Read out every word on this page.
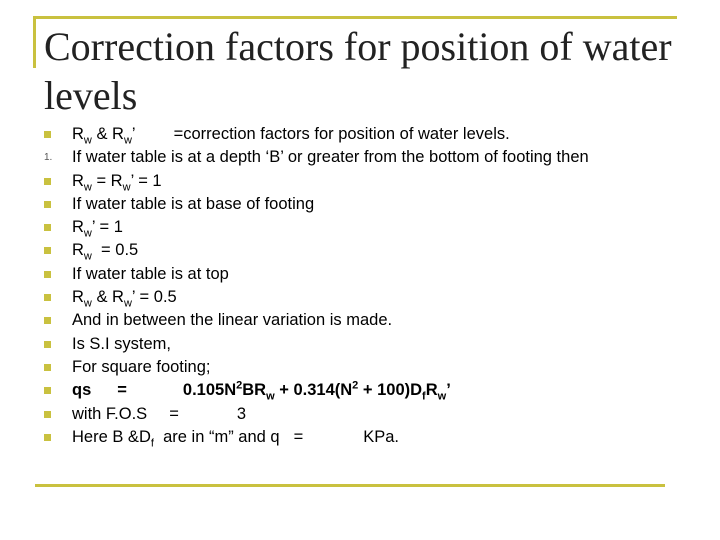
Correction factors for position of water levels
$R_w$ & $R_w$’ =correction factors for position of water levels.
1. If water table is at a depth ‘B’ or greater from the bottom of footing then
$R_w = R_w$’ = 1
If water table is at base of footing
$R_w$’ = 1
$R_w = 0.5$
If water table is at top
$R_w$ & $R_w$’ = 0.5
And in between the linear variation is made.
Is S.I system,
For square footing;
qs =	$0.105N^2BR_w + 0.314(N^2 + 100)D_fR_w$’
with F.O.S =	3
Here B $\&D_f$  are in “m” and q =	KPa.
